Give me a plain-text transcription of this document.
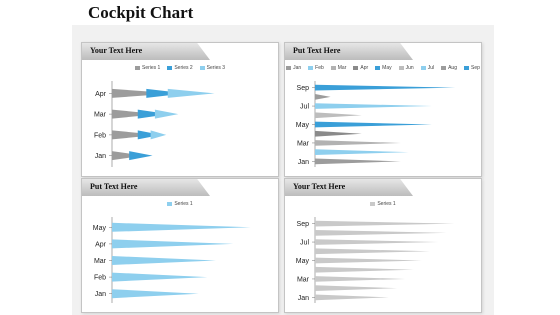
Cockpit Chart
Your Text Here
Series 1	Series 2	Series 3
Jan
Feb
Mar
Apr
Put Text Here
Jan	Feb	Mar	Apr	May	Jun	Jul	Aug	Sep
Jan
Mar
May
Jul
Sep
Put Text Here
Series 1
Jan
Feb
Mar
Apr
May
Your Text Here
Series 1
Jan
Mar
May
Jul
Sep
